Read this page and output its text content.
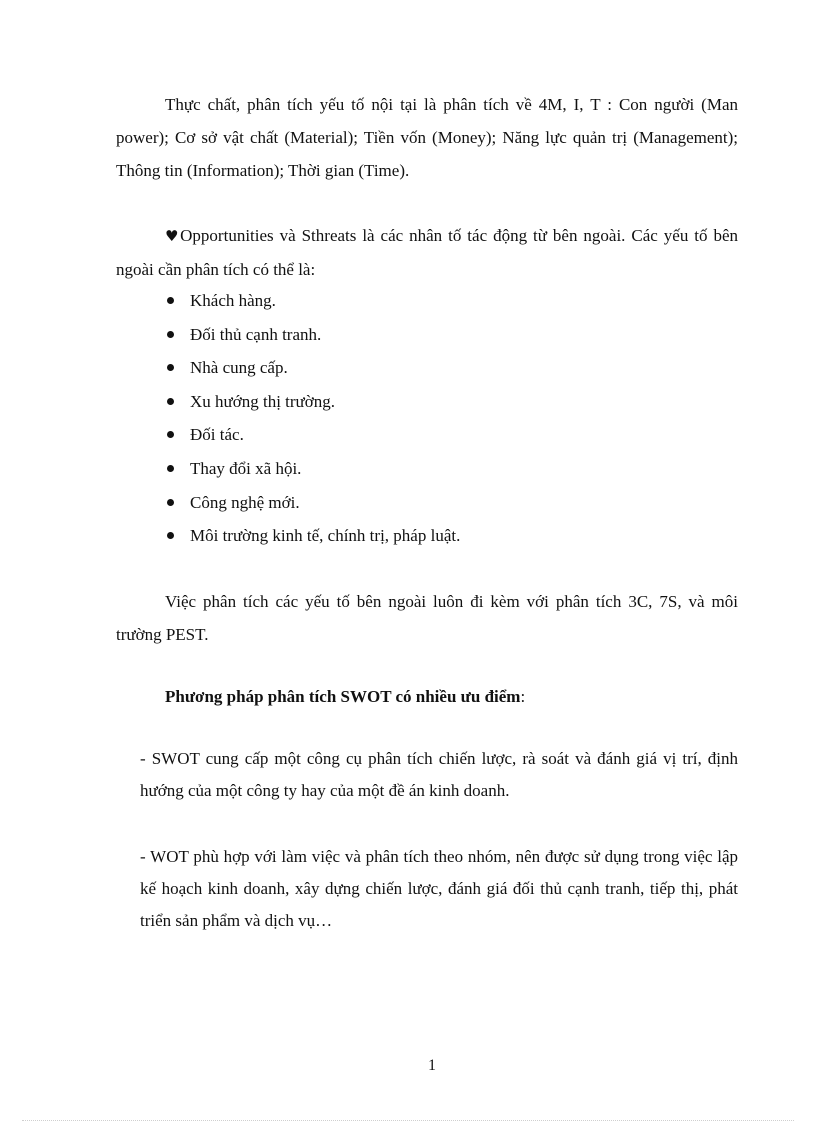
Thực chất, phân tích yếu tố nội tại là phân tích về 4M, I, T : Con người (Man power); Cơ sở vật chất (Material); Tiền vốn (Money); Năng lực quản trị (Management); Thông tin (Information); Thời gian (Time).

♥Opportunities và Sthreats là các nhân tố tác động từ bên ngoài. Các yếu tố bên ngoài cần phân tích có thể là:

Khách hàng.
Đối thủ cạnh tranh.
Nhà cung cấp.
Xu hướng thị trường.
Đối tác.
Thay đổi xã hội.
Công nghệ mới.
Môi trường kinh tế, chính trị, pháp luật.

Việc phân tích các yếu tố bên ngoài luôn đi kèm với phân tích 3C, 7S, và môi trường PEST.

Phương pháp phân tích SWOT có nhiều ưu điểm:

- SWOT cung cấp một công cụ phân tích chiến lược, rà soát và đánh giá vị trí, định hướng của một công ty hay của một đề án kinh doanh.

- WOT phù hợp với làm việc và phân tích theo nhóm, nên được sử dụng trong việc lập kế hoạch kinh doanh, xây dựng chiến lược, đánh giá đối thủ cạnh tranh, tiếp thị, phát triển sản phẩm và dịch vụ…

1
